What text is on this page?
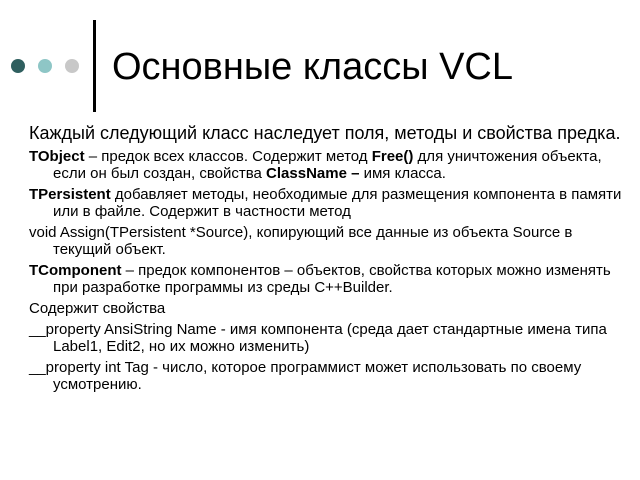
Основные классы VCL
Каждый следующий класс наследует поля, методы и свойства предка.
TObject – предок всех классов. Содержит метод Free() для уничтожения объекта, если он был создан, свойства ClassName – имя класса.
TPersistent добавляет методы, необходимые для размещения компонента в памяти или в файле. Содержит в частности метод
void Assign(TPersistent *Source), копирующий все данные из объекта Source в текущий объект.
TComponent – предок компонентов – объектов, свойства которых можно изменять при разработке программы из среды C++Builder.
Содержит свойства
__property AnsiString Name - имя компонента (среда дает стандартные имена типа Label1, Edit2, но их можно изменить)
__property int Tag - число, которое программист может использовать по своему усмотрению.
